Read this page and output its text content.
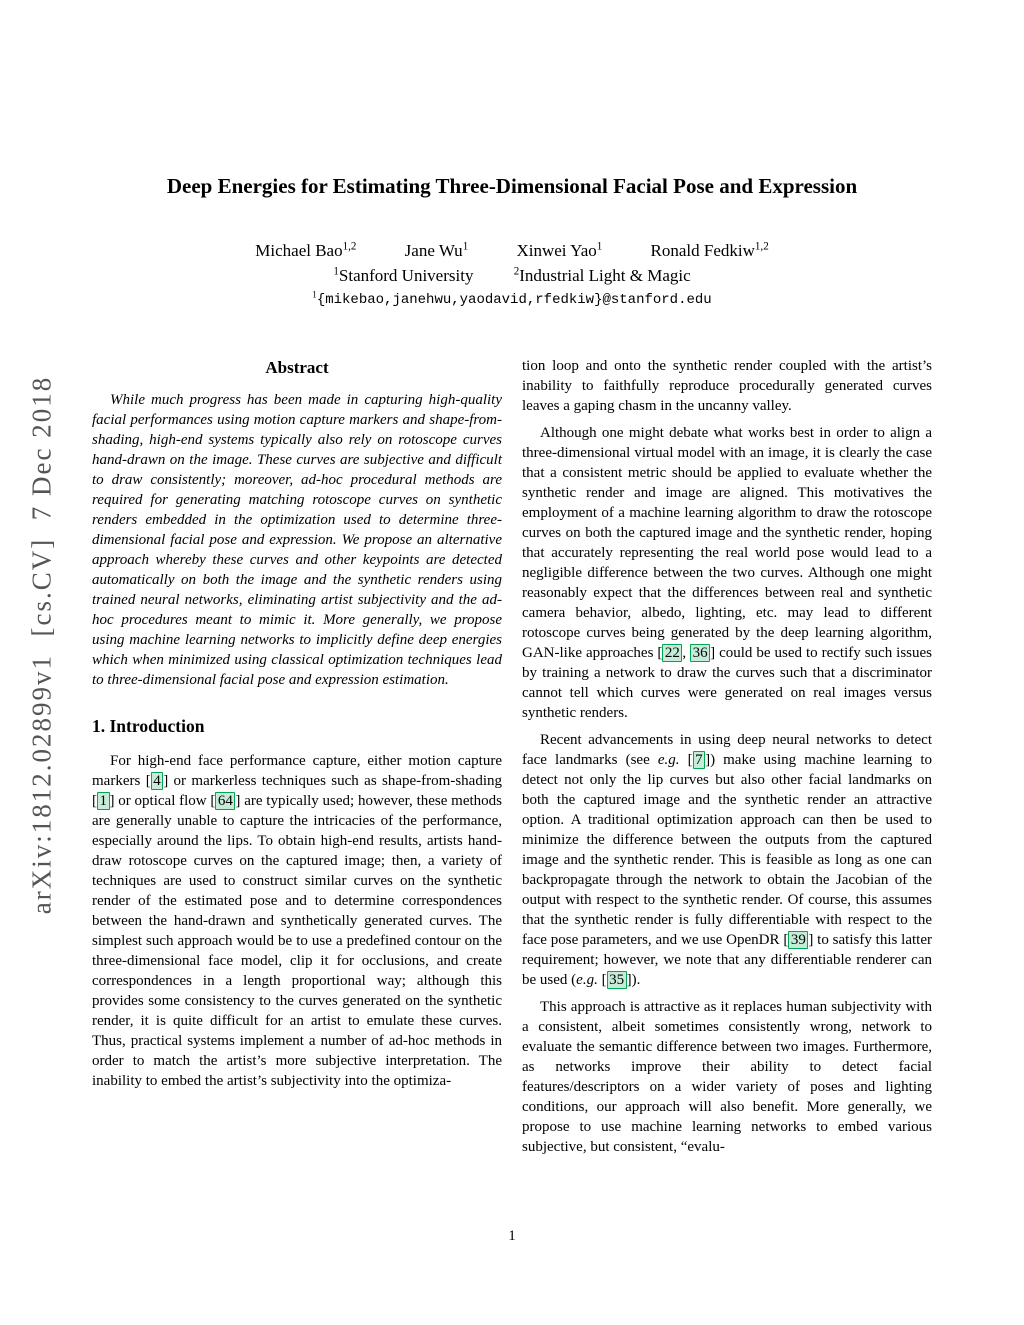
arXiv:1812.02899v1  [cs.CV]  7 Dec 2018
Deep Energies for Estimating Three-Dimensional Facial Pose and Expression
Michael Bao$^{1,2}$	Jane Wu$^1$	Xinwei Yao$^1$	Ronald Fedkiw$^{1,2}$
$^1$Stanford University	$^2$Industrial Light & Magic
$^1${mikebao,janehwu,yaodavid,rfedkiw}@stanford.edu
Abstract

While much progress has been made in capturing high-quality facial performances using motion capture markers and shape-from-shading, high-end systems typically also rely on rotoscope curves hand-drawn on the image. These curves are subjective and difficult to draw consistently; moreover, ad-hoc procedural methods are required for generating matching rotoscope curves on synthetic renders embedded in the optimization used to determine three-dimensional facial pose and expression. We propose an alternative approach whereby these curves and other keypoints are detected automatically on both the image and the synthetic renders using trained neural networks, eliminating artist subjectivity and the ad-hoc procedures meant to mimic it. More generally, we propose using machine learning networks to implicitly define deep energies which when minimized using classical optimization techniques lead to three-dimensional facial pose and expression estimation.

1. Introduction

For high-end face performance capture, either motion capture markers [ 4 ] or markerless techniques such as shape-from-shading [ 1 ] or optical flow [ 64 ] are typically used; however, these methods are generally unable to capture the intricacies of the performance, especially around the lips. To obtain high-end results, artists hand-draw rotoscope curves on the captured image; then, a variety of techniques are used to construct similar curves on the synthetic render of the estimated pose and to determine correspondences between the hand-drawn and synthetically generated curves. The simplest such approach would be to use a predefined contour on the three-dimensional face model, clip it for occlusions, and create correspondences in a length proportional way; although this provides some consistency to the curves generated on the synthetic render, it is quite difficult for an artist to emulate these curves. Thus, practical systems implement a number of ad-hoc methods in order to match the artist’s more subjective interpretation. The inability to embed the artist’s subjectivity into the optimiza-

tion loop and onto the synthetic render coupled with the artist’s inability to faithfully reproduce procedurally generated curves leaves a gaping chasm in the uncanny valley.

Although one might debate what works best in order to align a three-dimensional virtual model with an image, it is clearly the case that a consistent metric should be applied to evaluate whether the synthetic render and image are aligned. This motivatives the employment of a machine learning algorithm to draw the rotoscope curves on both the captured image and the synthetic render, hoping that accurately representing the real world pose would lead to a negligible difference between the two curves. Although one might reasonably expect that the differences between real and synthetic camera behavior, albedo, lighting, etc. may lead to different rotoscope curves being generated by the deep learning algorithm, GAN-like approaches [ 22 , 36 ] could be used to rectify such issues by training a network to draw the curves such that a discriminator cannot tell which curves were generated on real images versus synthetic renders.

Recent advancements in using deep neural networks to detect face landmarks (see e.g. [ 7 ]) make using machine learning to detect not only the lip curves but also other facial landmarks on both the captured image and the synthetic render an attractive option. A traditional optimization approach can then be used to minimize the difference between the outputs from the captured image and the synthetic render. This is feasible as long as one can backpropagate through the network to obtain the Jacobian of the output with respect to the synthetic render. Of course, this assumes that the synthetic render is fully differentiable with respect to the face pose parameters, and we use OpenDR [ 39 ] to satisfy this latter requirement; however, we note that any differentiable renderer can be used (e.g. [ 35 ]).

This approach is attractive as it replaces human subjectivity with a consistent, albeit sometimes consistently wrong, network to evaluate the semantic difference between two images. Furthermore, as networks improve their ability to detect facial features/descriptors on a wider variety of poses and lighting conditions, our approach will also benefit. More generally, we propose to use machine learning networks to embed various subjective, but consistent, “evalu-

1
